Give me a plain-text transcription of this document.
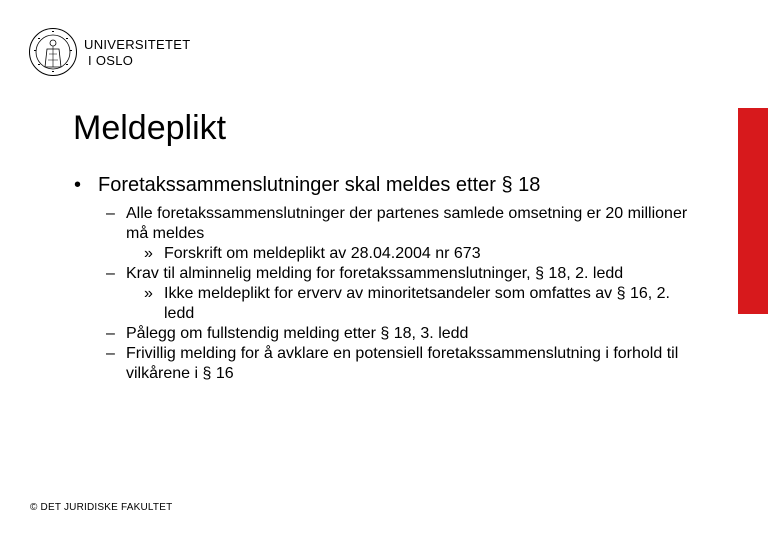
UNIVERSITETET
I OSLO
Meldeplikt
• Foretakssammenslutninger skal meldes etter § 18
– Alle foretakssammenslutninger der partenes samlede omsetning er 20 millioner må meldes
» Forskrift om meldeplikt av 28.04.2004 nr 673
– Krav til alminnelig melding for foretakssammenslutninger, § 18, 2. ledd
» Ikke meldeplikt for erverv av minoritetsandeler som omfattes av § 16, 2. ledd
– Pålegg om fullstendig melding etter § 18, 3. ledd
– Frivillig melding for å avklare en potensiell foretakssammenslutning i forhold til vilkårene i § 16
© DET JURIDISKE FAKULTET
